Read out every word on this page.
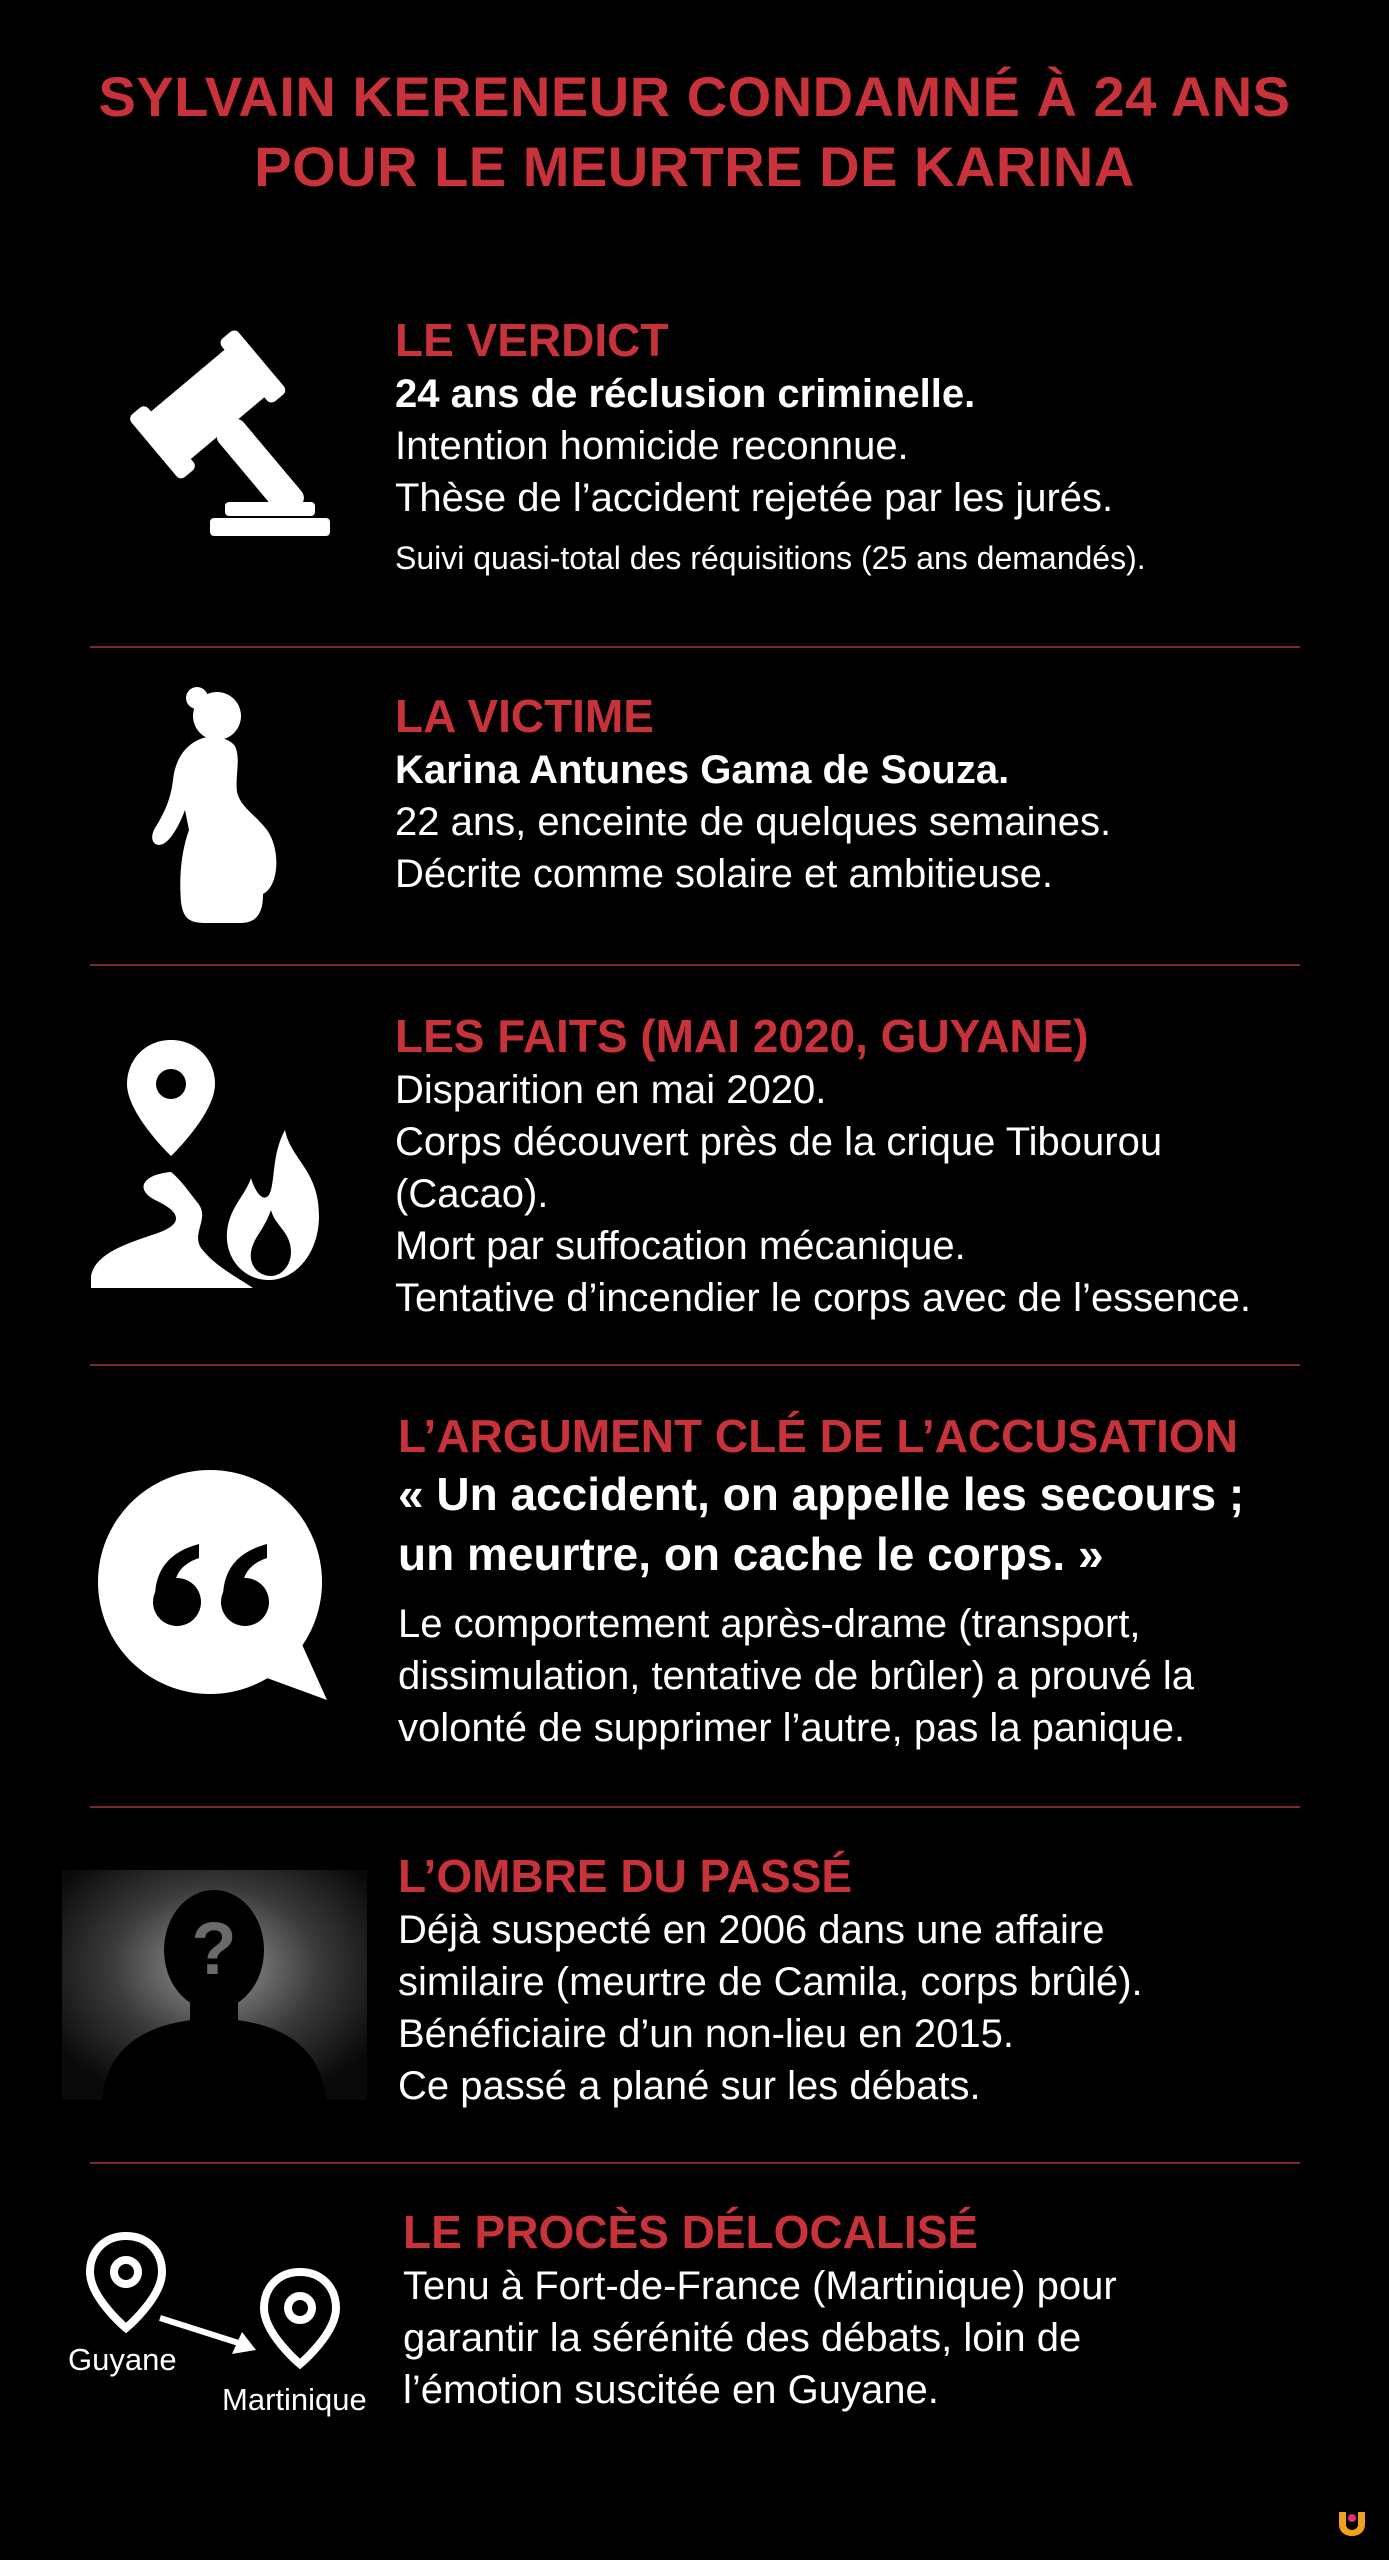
SYLVAIN KERENEUR CONDAMNÉ À 24 ANS
POUR LE MEURTRE DE KARINA
LE VERDICT
24 ans de réclusion criminelle.
Intention homicide reconnue.
Thèse de l’accident rejetée par les jurés.
Suivi quasi-total des réquisitions (25 ans demandés).
LA VICTIME
Karina Antunes Gama de Souza.
22 ans, enceinte de quelques semaines.
Décrite comme solaire et ambitieuse.
LES FAITS (MAI 2020, GUYANE)
Disparition en mai 2020.
Corps découvert près de la crique Tibourou
(Cacao).
Mort par suffocation mécanique.
Tentative d’incendier le corps avec de l’essence.
L’ARGUMENT CLÉ DE L’ACCUSATION
« Un accident, on appelle les secours ;
un meurtre, on cache le corps. »
Le comportement après-drame (transport,
dissimulation, tentative de brûler) a prouvé la
volonté de supprimer l’autre, pas la panique.
?
L’OMBRE DU PASSÉ
Déjà suspecté en 2006 dans une affaire
similaire (meurtre de Camila, corps brûlé).
Bénéficiaire d’un non-lieu en 2015.
Ce passé a plané sur les débats.
Guyane
Martinique
LE PROCÈS DÉLOCALISÉ
Tenu à Fort-de-France (Martinique) pour
garantir la sérénité des débats, loin de
l’émotion suscitée en Guyane.
